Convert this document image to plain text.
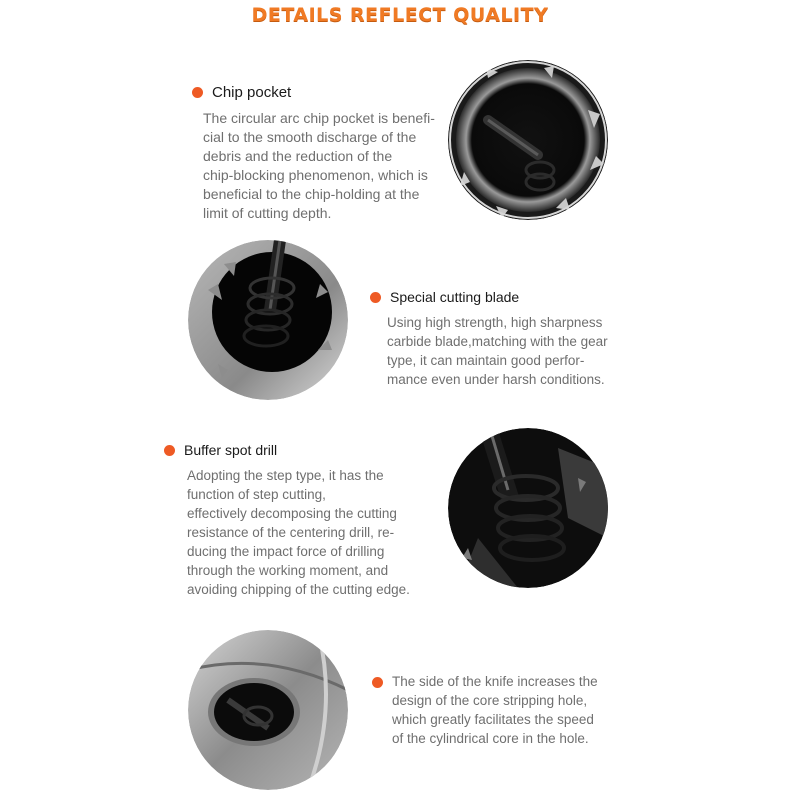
DETAILS REFLECT QUALITY
Chip pocket
The circular arc chip pocket is benefi-
cial to the smooth discharge of the
debris and the reduction of the
chip-blocking phenomenon, which is
beneficial to the chip-holding at the
limit of cutting depth.
Special cutting blade
Using high strength, high sharpness
carbide blade,matching with the gear
type, it can maintain good perfor-
mance even under harsh conditions.
Buffer spot drill
Adopting the step type, it has the
function of step cutting,
effectively decomposing the cutting
resistance of the centering drill, re-
ducing the impact force of drilling
through the working moment, and
avoiding chipping of the cutting edge.
The side of the knife increases the
design of the core stripping hole,
which greatly facilitates the speed
of the cylindrical core in the hole.
